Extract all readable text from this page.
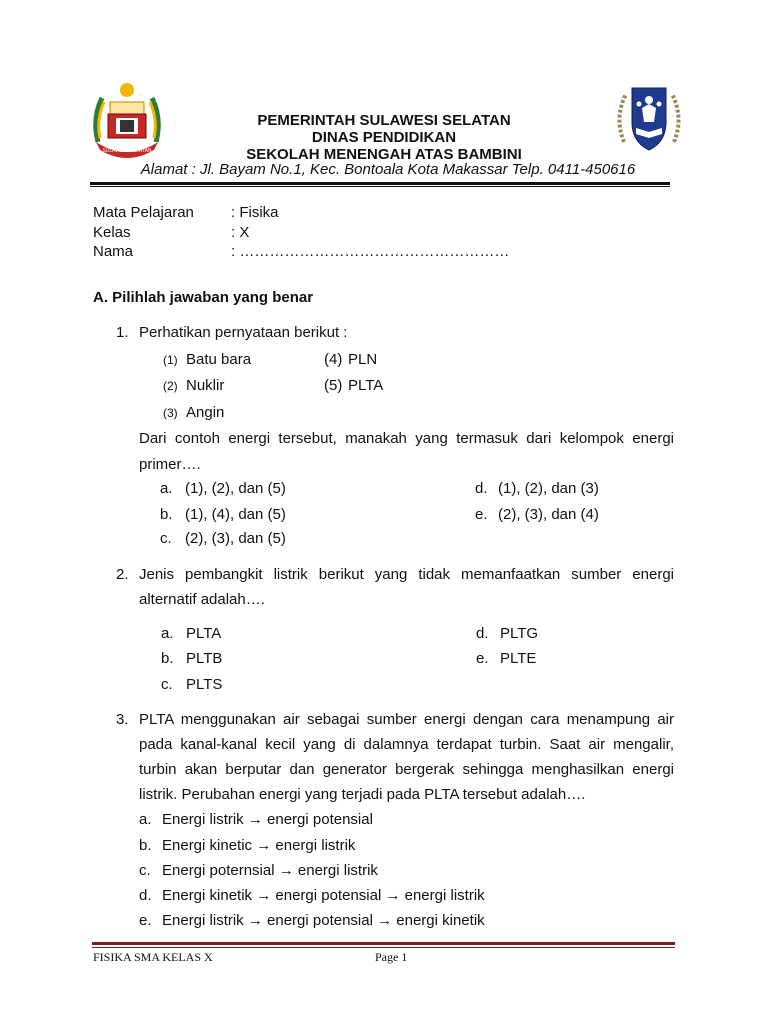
SULAWESI SELATAN
PEMERINTAH SULAWESI SELATAN
DINAS PENDIDIKAN
SEKOLAH MENENGAH ATAS BAMBINI
Alamat : Jl. Bayam No.1, Kec. Bontoala Kota Makassar Telp. 0411-450616
Mata Pelajaran : Fisika
Kelas	: X
Nama	: ………………………………………………
A. Pilihlah jawaban yang benar
1. Perhatikan pernyataan berikut :
(1) Batu bara	(4) PLN
(2) Nuklir	(5) PLTA
(3) Angin
Dari contoh energi tersebut, manakah yang termasuk dari kelompok energi
primer….
a. (1), (2), dan (5)
b. (1), (4), dan (5)
c. (2), (3), dan (5)
d. (1), (2), dan (3)
e. (2), (3), dan (4)
2. Jenis pembangkit listrik berikut yang tidak memanfaatkan sumber energi
alternatif adalah….
a. PLTA
b. PLTB
c. PLTS
d. PLTG
e. PLTE
3. PLTA menggunakan air sebagai sumber energi dengan cara menampung air
pada kanal-kanal kecil yang di dalamnya terdapat turbin. Saat air mengalir,
turbin akan berputar dan generator bergerak sehingga menghasilkan energi
listrik. Perubahan energi yang terjadi pada PLTA tersebut adalah….
a. Energi listrik → energi potensial
b. Energi kinetic → energi listrik
c. Energi poternsial → energi listrik
d. Energi kinetik → energi potensial → energi listrik
e. Energi listrik → energi potensial → energi kinetik
FISIKA SMA KELAS X	Page 1
